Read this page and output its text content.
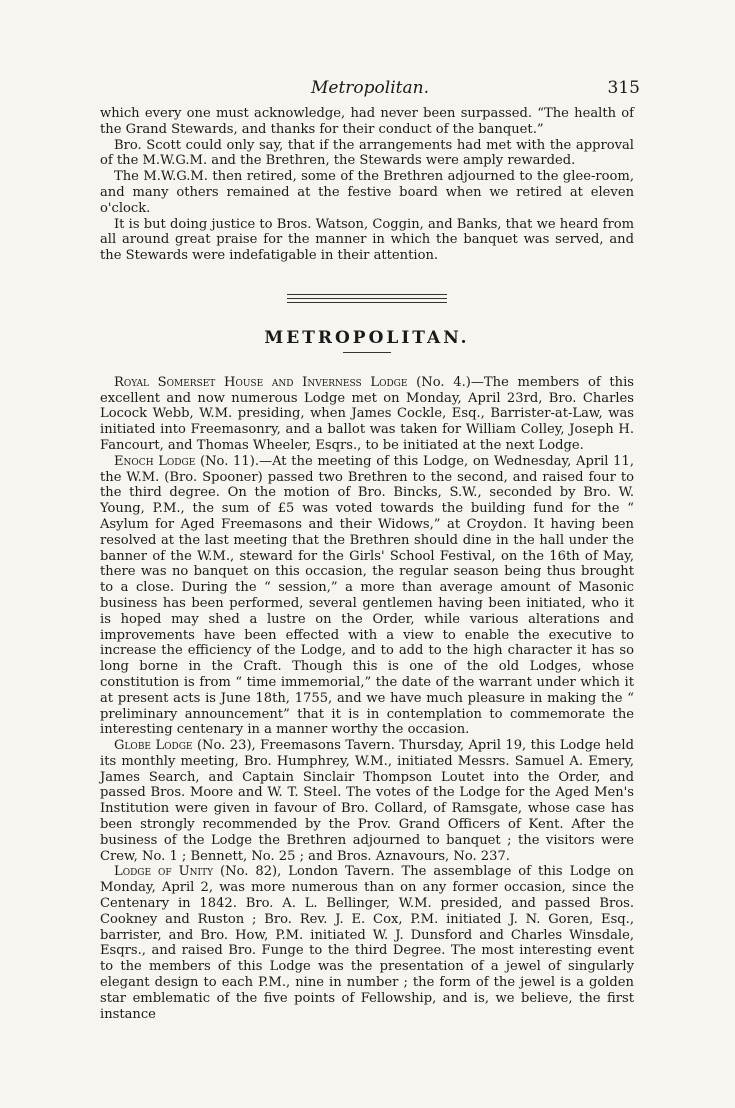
Metropolitan.	315

which every one must acknowledge, had never been surpassed. “The health of the Grand Stewards, and thanks for their conduct of the banquet.”

Bro. Scott could only say, that if the arrangements had met with the approval of the M.W.G.M. and the Brethren, the Stewards were amply rewarded.

The M.W.G.M. then retired, some of the Brethren adjourned to the glee-room, and many others remained at the festive board when we retired at eleven o'clock.

It is but doing justice to Bros. Watson, Coggin, and Banks, that we heard from all around great praise for the manner in which the banquet was served, and the Stewards were indefatigable in their attention.

METROPOLITAN.

Royal Somerset House and Inverness Lodge (No. 4.)—The members of this excellent and now numerous Lodge met on Monday, April 23rd, Bro. Charles Locock Webb, W.M. presiding, when James Cockle, Esq., Barrister-at-Law, was initiated into Freemasonry, and a ballot was taken for William Colley, Joseph H. Fancourt, and Thomas Wheeler, Esqrs., to be initiated at the next Lodge.

Enoch Lodge (No. 11).—At the meeting of this Lodge, on Wednesday, April 11, the W.M. (Bro. Spooner) passed two Brethren to the second, and raised four to the third degree. On the motion of Bro. Bincks, S.W., seconded by Bro. W. Young, P.M., the sum of £5 was voted towards the building fund for the “ Asylum for Aged Freemasons and their Widows,” at Croydon. It having been resolved at the last meeting that the Brethren should dine in the hall under the banner of the W.M., steward for the Girls' School Festival, on the 16th of May, there was no banquet on this occasion, the regular season being thus brought to a close. During the “ session,” a more than average amount of Masonic business has been performed, several gentlemen having been initiated, who it is hoped may shed a lustre on the Order, while various alterations and improvements have been effected with a view to enable the executive to increase the efficiency of the Lodge, and to add to the high character it has so long borne in the Craft. Though this is one of the old Lodges, whose constitution is from “ time immemorial,” the date of the warrant under which it at present acts is June 18th, 1755, and we have much pleasure in making the “ preliminary announcement” that it is in contemplation to commemorate the interesting centenary in a manner worthy the occasion.

Globe Lodge (No. 23), Freemasons Tavern. Thursday, April 19, this Lodge held its monthly meeting, Bro. Humphrey, W.M., initiated Messrs. Samuel A. Emery, James Search, and Captain Sinclair Thompson Loutet into the Order, and passed Bros. Moore and W. T. Steel. The votes of the Lodge for the Aged Men's Institution were given in favour of Bro. Collard, of Ramsgate, whose case has been strongly recommended by the Prov. Grand Officers of Kent. After the business of the Lodge the Brethren adjourned to banquet ; the visitors were Crew, No. 1 ; Bennett, No. 25 ; and Bros. Aznavours, No. 237.

Lodge of Unity (No. 82), London Tavern. The assemblage of this Lodge on Monday, April 2, was more numerous than on any former occasion, since the Centenary in 1842. Bro. A. L. Bellinger, W.M. presided, and passed Bros. Cookney and Ruston ; Bro. Rev. J. E. Cox, P.M. initiated J. N. Goren, Esq., barrister, and Bro. How, P.M. initiated W. J. Dunsford and Charles Winsdale, Esqrs., and raised Bro. Funge to the third Degree. The most interesting event to the members of this Lodge was the presentation of a jewel of singularly elegant design to each P.M., nine in number ; the form of the jewel is a golden star emblematic of the five points of Fellowship, and is, we believe, the first instance
